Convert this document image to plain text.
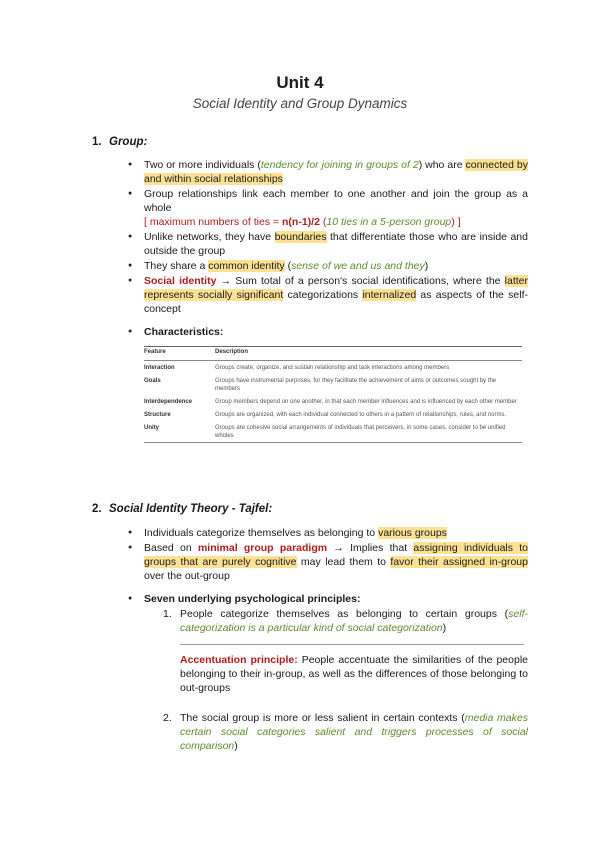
Unit 4
Social Identity and Group Dynamics
1. Group:
● Two or more individuals (tendency for joining in groups of 2) who are connected by and within social relationships
● Group relationships link each member to one another and join the group as a whole
[ maximum numbers of ties = n(n-1)/2 (10 ties in a 5-person group) ]
● Unlike networks, they have boundaries that differentiate those who are inside and outside the group
● They share a common identity (sense of we and us and they)
● Social identity → Sum total of a person's social identifications, where the latter represents socially significant categorizations internalized as aspects of the self-concept
● Characteristics:
Feature	Description
Interaction	Groups create, organize, and sustain relationship and task interactions among members
Goals	Groups have instrumental purposes, for they facilitate the achievement of aims or outcomes sought by the members
Interdependence	Group members depend on one another, in that each member influences and is influenced by each other member
Structure	Groups are organized, with each individual connected to others in a pattern of relationships, rules, and norms.
Unity	Groups are cohesive social arrangements of individuals that perceivers, in some cases, consider to be unified wholes
2. Social Identity Theory - Tajfel:
● Individuals categorize themselves as belonging to various groups
● Based on minimal group paradigm → Implies that assigning individuals to groups that are purely cognitive may lead them to favor their assigned in-group over the out-group
● Seven underlying psychological principles:
1. People categorize themselves as belonging to certain groups (self-categorization is a particular kind of social categorization)
Accentuation principle: People accentuate the similarities of the people belonging to their in-group, as well as the differences of those belonging to out-groups
2. The social group is more or less salient in certain contexts (media makes certain social categories salient and triggers processes of social comparison)
